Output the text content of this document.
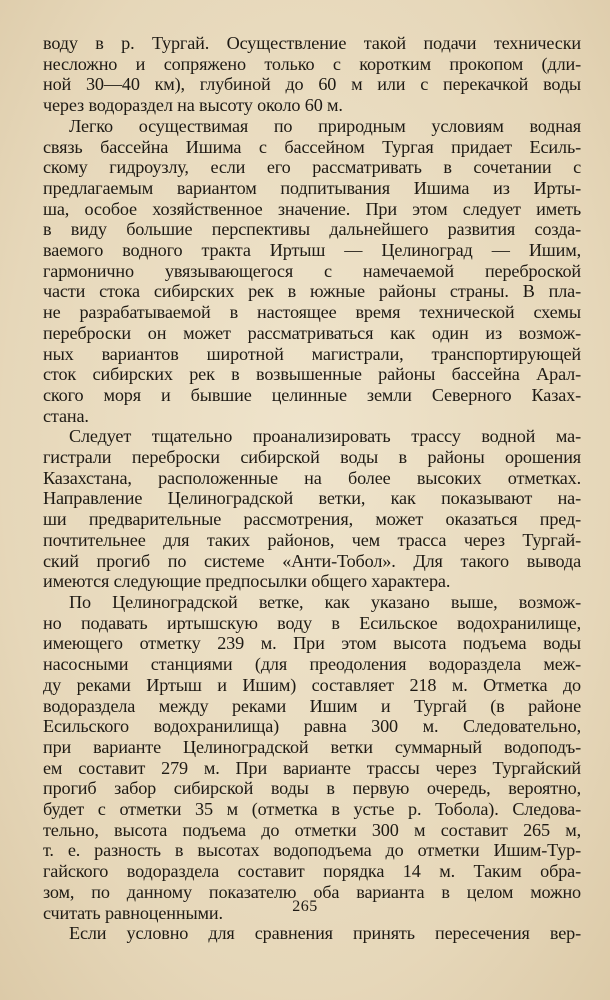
воду в р. Тургай. Осуществление такой подачи технически
несложно и сопряжено только с коротким прокопом (дли-
ной 30—40 км), глубиной до 60 м или с перекачкой воды
через водораздел на высоту около 60 м.
Легко осуществимая по природным условиям водная
связь бассейна Ишима с бассейном Тургая придает Есиль-
скому гидроузлу, если его рассматривать в сочетании с
предлагаемым вариантом подпитывания Ишима из Ирты-
ша, особое хозяйственное значение. При этом следует иметь
в виду большие перспективы дальнейшего развития созда-
ваемого водного тракта Иртыш — Целиноград — Ишим,
гармонично увязывающегося с намечаемой переброской
части стока сибирских рек в южные районы страны. В пла-
не разрабатываемой в настоящее время технической схемы
переброски он может рассматриваться как один из возмож-
ных вариантов широтной магистрали, транспортирующей
сток сибирских рек в возвышенные районы бассейна Арал-
ского моря и бывшие целинные земли Северного Казах-
стана.
Следует тщательно проанализировать трассу водной ма-
гистрали переброски сибирской воды в районы орошения
Казахстана, расположенные на более высоких отметках.
Направление Целиноградской ветки, как показывают на-
ши предварительные рассмотрения, может оказаться пред-
почтительнее для таких районов, чем трасса через Тургай-
ский прогиб по системе «Анти-Тобол». Для такого вывода
имеются следующие предпосылки общего характера.
По Целиноградской ветке, как указано выше, возмож-
но подавать иртышскую воду в Есильское водохранилище,
имеющего отметку 239 м. При этом высота подъема воды
насосными станциями (для преодоления водораздела меж-
ду реками Иртыш и Ишим) составляет 218 м. Отметка до
водораздела между реками Ишим и Тургай (в районе
Есильского водохранилища) равна 300 м. Следовательно,
при варианте Целиноградской ветки суммарный водоподъ-
ем составит 279 м. При варианте трассы через Тургайский
прогиб забор сибирской воды в первую очередь, вероятно,
будет с отметки 35 м (отметка в устье р. Тобола). Следова-
тельно, высота подъема до отметки 300 м составит 265 м,
т. е. разность в высотах водоподъема до отметки Ишим-Тур-
гайского водораздела составит порядка 14 м. Таким обра-
зом, по данному показателю оба варианта в целом можно
считать равноценными.
Если условно для сравнения принять пересечения вер-
265
